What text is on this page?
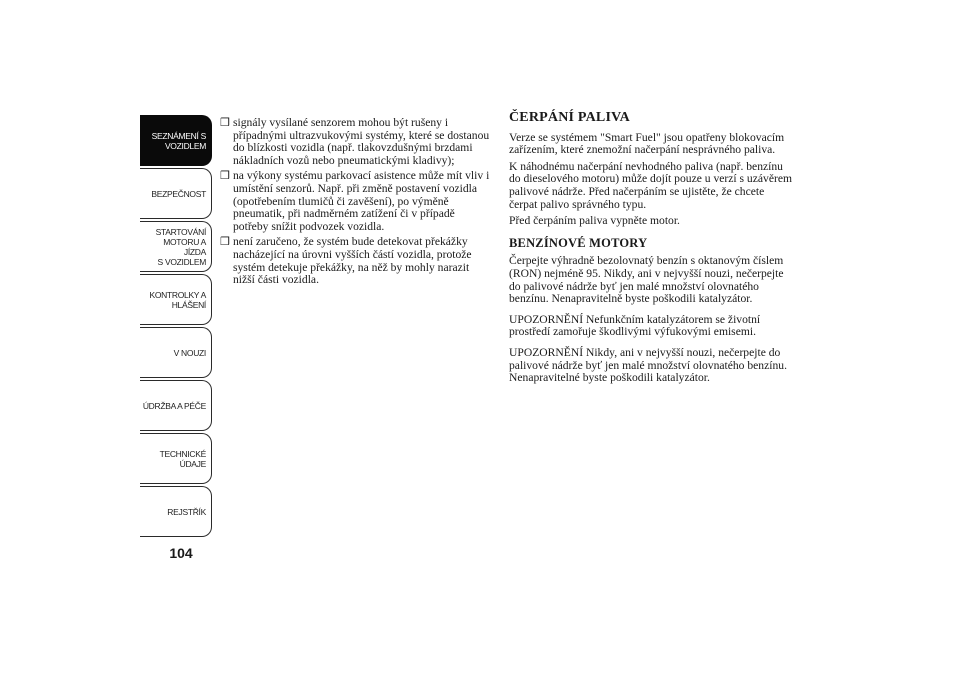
SEZNÁMENÍ S
VOZIDLEM
BEZPEČNOST
STARTOVÁNÍ
MOTORU A JÍZDA
S VOZIDLEM
KONTROLKY A
HLÁŠENÍ
V NOUZI
ÚDRŽBA A PÉČE
TECHNICKÉ
ÚDAJE
REJSTŘÍK
104
❒ signály vysílané senzorem mohou být rušeny i případnými ultrazvukovými systémy, které se dostanou do blízkosti vozidla (např. tlakovzdušnými brzdami nákladních vozů nebo pneumatickými kladivy);
❒ na výkony systému parkovací asistence může mít vliv i umístění senzorů. Např. při změně postavení vozidla (opotřebením tlumičů či zavěšení), po výměně pneumatik, při nadměrném zatížení či v případě potřeby snížit podvozek vozidla.
❒ není zaručeno, že systém bude detekovat překážky nacházející na úrovni vyšších částí vozidla, protože systém detekuje překážky, na něž by mohly narazit nižší části vozidla.
ČERPÁNÍ PALIVA

Verze se systémem "Smart Fuel" jsou opatřeny blokovacím zařízením, které znemožní načerpání nesprávného paliva.

K náhodnému načerpání nevhodného paliva (např. benzínu do dieselového motoru) může dojít pouze u verzí s uzávěrem palivové nádrže. Před načerpáním se ujistěte, že chcete čerpat palivo správného typu.

Před čerpáním paliva vypněte motor.

BENZÍNOVÉ MOTORY

Čerpejte výhradně bezolovnatý benzín s oktanovým číslem (RON) nejméně 95. Nikdy, ani v nejvyšší nouzi, nečerpejte do palivové nádrže byť jen malé množství olovnatého benzínu. Nenapravitelně byste poškodili katalyzátor.

UPOZORNĚNÍ Nefunkčním katalyzátorem se životní prostředí zamořuje škodlivými výfukovými emisemi.

UPOZORNĚNÍ Nikdy, ani v nejvyšší nouzi, nečerpejte do palivové nádrže byť jen malé množství olovnatého benzínu. Nenapravitelné byste poškodili katalyzátor.
